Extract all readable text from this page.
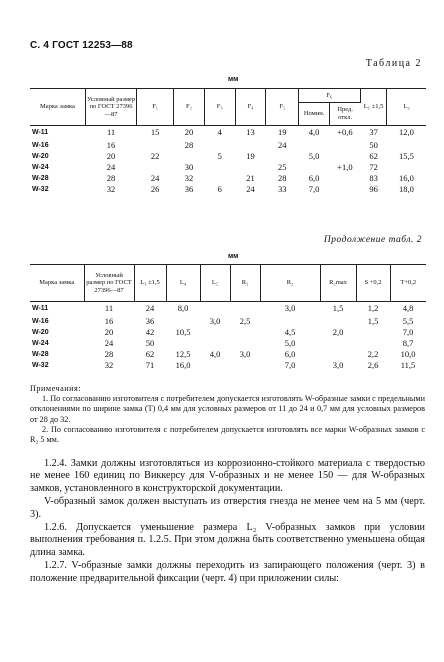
С. 4 ГОСТ 12253—88
Таблица 2
мм
Марка замка	Условный размер по ГОСТ 27396—87	F₁	F₂	F₃	F₄	F₅	F₆		L₁ ±1,5	L₂
							Номин.	Пред. откл.		
W-11	11	15	20	4	13	19	4,0	+0,6	37	12,0
W-16	16		28			24			50	
W-20	20	22		5	19		5,0		62	15,5
W-24	24		30			25		+1,0	72	
W-28	28	24	32		21	28	6,0		83	16,0
W-32	32	26	36	6	24	33	7,0		96	18,0
Продолжение табл. 2
мм
Марка замка	Условный размер по ГОСТ 27396—87	L₃ ±1,5	L₄	L₅	R₁	R₂	R₂max	S +0,2	T+0,2
W-11	11	24	8,0			3,0	1,5	1,2	4,8
W-16	16	36		3,0	2,5			1,5	5,5
W-20	20	42	10,5			4,5	2,0		7,0
W-24	24	50				5,0			8,7
W-28	28	62	12,5	4,0	3,0	6,0		2,2	10,0
W-32	32	71	16,0			7,0	3,0	2,6	11,5

Примечания:

1. По согласованию изготовителя с потребителем допускается изготовлять W-образные замки с предельными отклонениями по ширине замка (T) 0,4 мм для условных размеров от 11 до 24 и 0,7 мм для условных размеров от 28 до 32.

2. По согласованию изготовителя с потребителем допускается изготовлять все марки W-образных замков с R₂ 5 мм.

1.2.4. Замки должны изготовляться из коррозионно-стойкого материала с твердостью не менее 160 единиц по Виккерсу для V-образных и не менее 150 — для W-образных замков, установленного в конструкторской документации.

V-образный замок должен выступать из отверстия гнезда не менее чем на 5 мм (черт. 3).

1.2.6. Допускается уменьшение размера L₂ V-образных замков при условии выполнения требования п. 1.2.5. При этом должна быть соответственно уменьшена общая длина замка.

1.2.7. V-образные замки должны переходить из запирающего положения (черт. 3) в положение предварительной фиксации (черт. 4) при приложении силы:
